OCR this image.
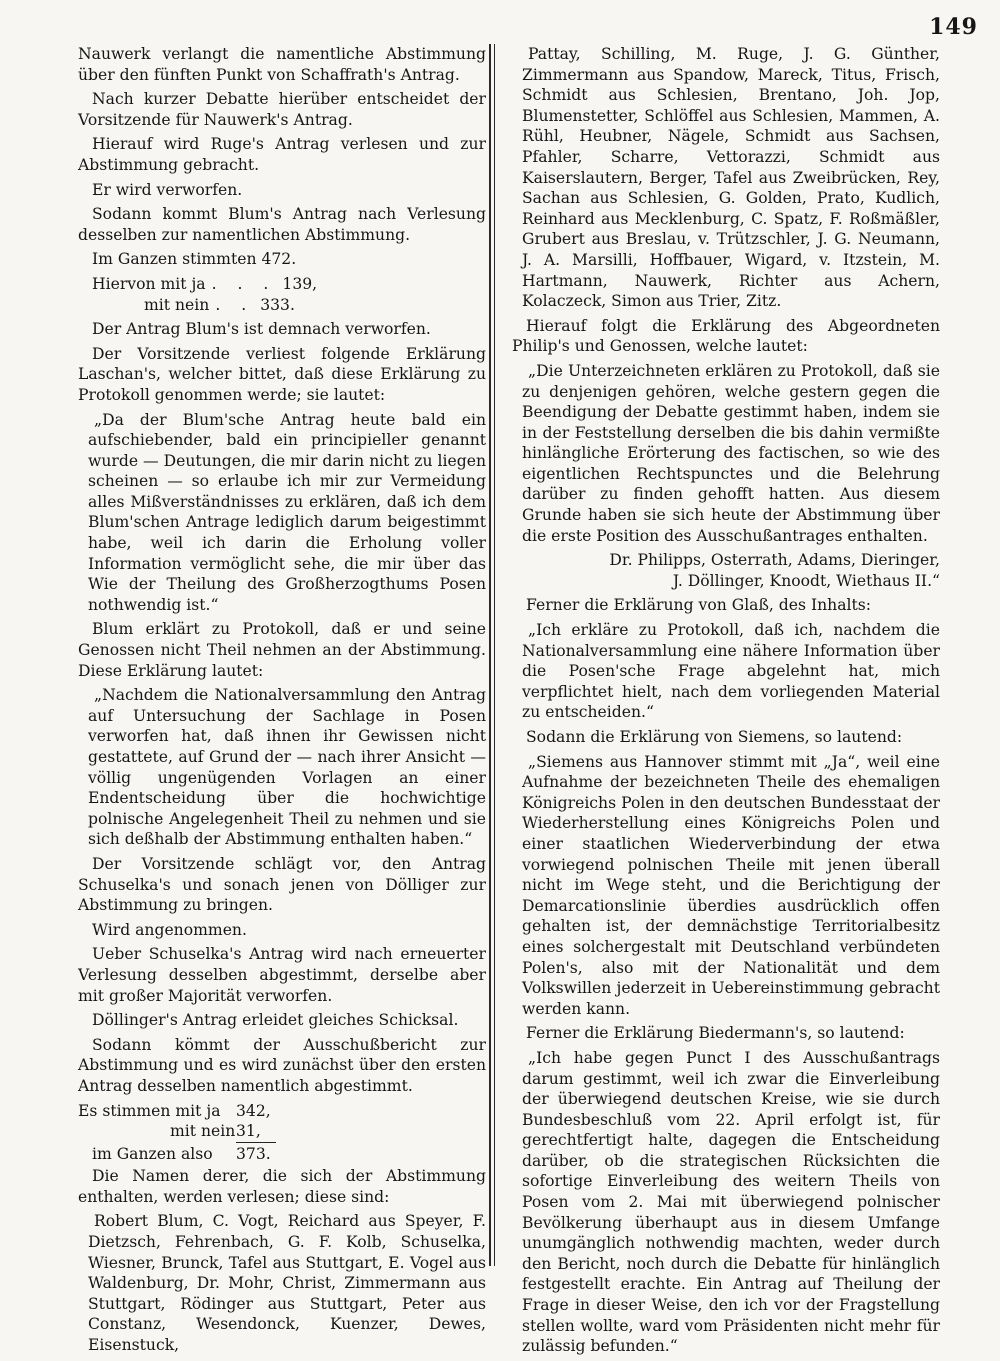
149

Nauwerk verlangt die namentliche Abstimmung über den fünften Punkt von Schaffrath's Antrag.

Nach kurzer Debatte hierüber entscheidet der Vorsitzende für Nauwerk's Antrag.

Hierauf wird Ruge's Antrag verlesen und zur Abstimmung gebracht.

Er wird verworfen.

Sodann kommt Blum's Antrag nach Verlesung desselben zur namentlichen Abstimmung.

Im Ganzen stimmten 472.

Hiervon mit ja . . . 139,
mit nein . . 333.

Der Antrag Blum's ist demnach verworfen.

Der Vorsitzende verliest folgende Erklärung Laschan's, welcher bittet, daß diese Erklärung zu Protokoll genommen werde; sie lautet:

„Da der Blum'sche Antrag heute bald ein aufschiebender, bald ein principieller genannt wurde — Deutungen, die mir darin nicht zu liegen scheinen — so erlaube ich mir zur Vermeidung alles Mißverständnisses zu erklären, daß ich dem Blum'schen Antrage lediglich darum beigestimmt habe, weil ich darin die Erholung voller Information vermöglicht sehe, die mir über das Wie der Theilung des Großherzogthums Posen nothwendig ist.“

Blum erklärt zu Protokoll, daß er und seine Genossen nicht Theil nehmen an der Abstimmung. Diese Erklärung lautet:

„Nachdem die Nationalversammlung den Antrag auf Untersuchung der Sachlage in Posen verworfen hat, daß ihnen ihr Gewissen nicht gestattete, auf Grund der — nach ihrer Ansicht — völlig ungenügenden Vorlagen an einer Endentscheidung über die hochwichtige polnische Angelegenheit Theil zu nehmen und sie sich deßhalb der Abstimmung enthalten haben.“

Der Vorsitzende schlägt vor, den Antrag Schuselka's und sonach jenen von Dölliger zur Abstimmung zu bringen.

Wird angenommen.

Ueber Schuselka's Antrag wird nach erneuerter Verlesung desselben abgestimmt, derselbe aber mit großer Majorität verworfen.

Döllinger's Antrag erleidet gleiches Schicksal.

Sodann kömmt der Ausschußbericht zur Abstimmung und es wird zunächst über den ersten Antrag desselben namentlich abgestimmt.

Es stimmen mit ja 342,
mit nein 31,
im Ganzen also	373.

Die Namen derer, die sich der Abstimmung enthalten, werden verlesen; diese sind:

Robert Blum, C. Vogt, Reichard aus Speyer, F. Dietzsch, Fehrenbach, G. F. Kolb, Schuselka, Wiesner, Brunck, Tafel aus Stuttgart, E. Vogel aus Waldenburg, Dr. Mohr, Christ, Zimmermann aus Stuttgart, Rödinger aus Stuttgart, Peter aus Constanz, Wesendonck, Kuenzer, Dewes, Eisenstuck,

Pattay, Schilling, M. Ruge, J. G. Günther, Zimmermann aus Spandow, Mareck, Titus, Frisch, Schmidt aus Schlesien, Brentano, Joh. Jop, Blumenstetter, Schlöffel aus Schlesien, Mammen, A. Rühl, Heubner, Nägele, Schmidt aus Sachsen, Pfahler, Scharre, Vettorazzi, Schmidt aus Kaiserslautern, Berger, Tafel aus Zweibrücken, Rey, Sachan aus Schlesien, G. Golden, Prato, Kudlich, Reinhard aus Mecklenburg, C. Spatz, F. Roßmäßler, Grubert aus Breslau, v. Trützschler, J. G. Neumann, J. A. Marsilli, Hoffbauer, Wigard, v. Itzstein, M. Hartmann, Nauwerk, Richter aus Achern, Kolaczeck, Simon aus Trier, Zitz.

Hierauf folgt die Erklärung des Abgeordneten Philip's und Genossen, welche lautet:

„Die Unterzeichneten erklären zu Protokoll, daß sie zu denjenigen gehören, welche gestern gegen die Beendigung der Debatte gestimmt haben, indem sie in der Feststellung derselben die bis dahin vermißte hinlängliche Erörterung des factischen, so wie des eigentlichen Rechtspunctes und die Belehrung darüber zu finden gehofft hatten. Aus diesem Grunde haben sie sich heute der Abstimmung über die erste Position des Ausschußantrages enthalten.

Dr. Philipps, Osterrath, Adams, Dieringer,
J. Döllinger, Knoodt, Wiethaus II.“

Ferner die Erklärung von Glaß, des Inhalts:

„Ich erkläre zu Protokoll, daß ich, nachdem die Nationalversammlung eine nähere Information über die Posen'sche Frage abgelehnt hat, mich verpflichtet hielt, nach dem vorliegenden Material zu entscheiden.“

Sodann die Erklärung von Siemens, so lautend:

„Siemens aus Hannover stimmt mit „Ja“, weil eine Aufnahme der bezeichneten Theile des ehemaligen Königreichs Polen in den deutschen Bundesstaat der Wiederherstellung eines Königreichs Polen und einer staatlichen Wiederverbindung der etwa vorwiegend polnischen Theile mit jenen überall nicht im Wege steht, und die Berichtigung der Demarcationslinie überdies ausdrücklich offen gehalten ist, der demnächstige Territorialbesitz eines solchergestalt mit Deutschland verbündeten Polen's, also mit der Nationalität und dem Volkswillen jederzeit in Uebereinstimmung gebracht werden kann.

Ferner die Erklärung Biedermann's, so lautend:

„Ich habe gegen Punct I des Ausschußantrags darum gestimmt, weil ich zwar die Einverleibung der überwiegend deutschen Kreise, wie sie durch Bundesbeschluß vom 22. April erfolgt ist, für gerechtfertigt halte, dagegen die Entscheidung darüber, ob die strategischen Rücksichten die sofortige Einverleibung des weitern Theils von Posen vom 2. Mai mit überwiegend polnischer Bevölkerung überhaupt aus in diesem Umfange unumgänglich nothwendig machten, weder durch den Bericht, noch durch die Debatte für hinlänglich festgestellt erachte. Ein Antrag auf Theilung der Frage in dieser Weise, den ich vor der Fragstellung stellen wollte, ward vom Präsidenten nicht mehr für zulässig befunden.“
